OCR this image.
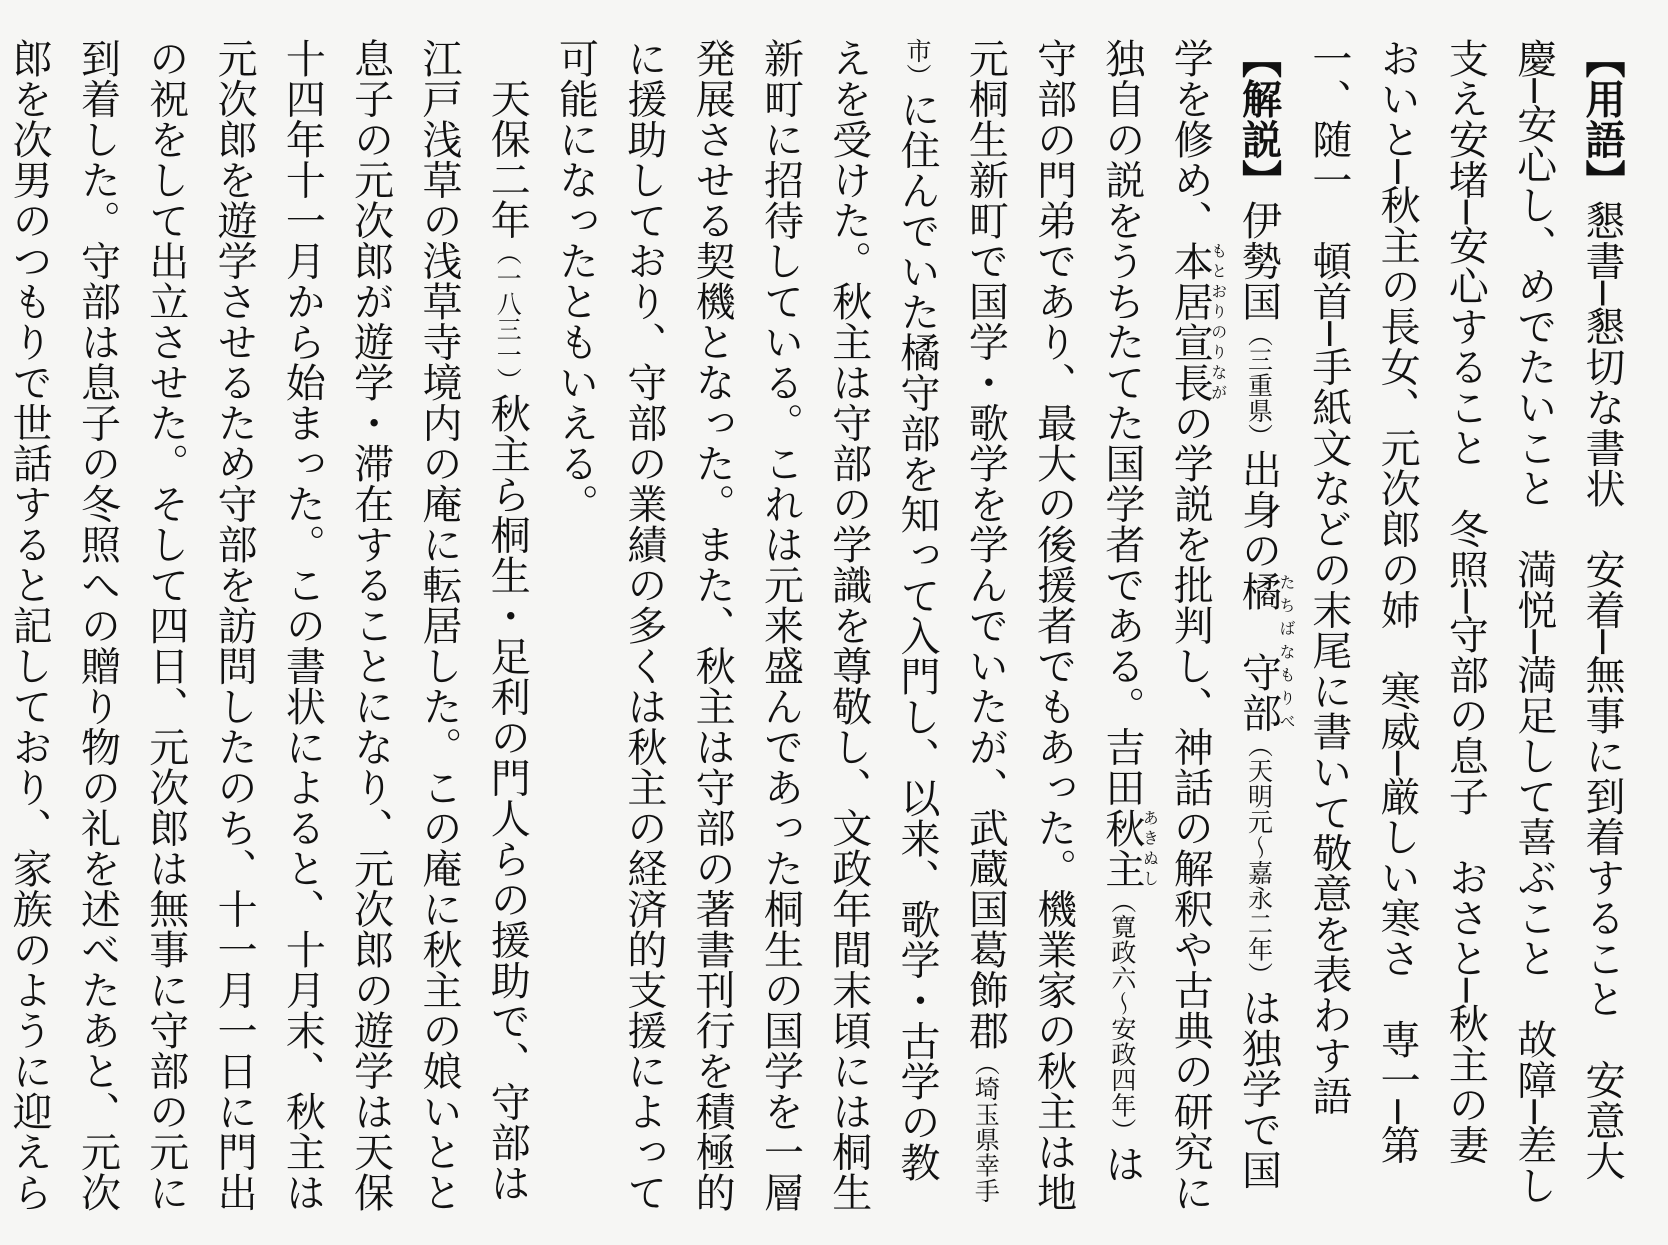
【用語】懇書─懇切な書状　安着─無事に到着すること　安意大慶─安心し、めでたいこと　満悦─満足して喜ぶこと　故障─差し支え安堵─安心すること　冬照─守部の息子　おさと─秋主の妻　おいと─秋主の長女、元次郎の姉　寒威─厳しい寒さ　専一─第一、随一　頓首─手紙文などの末尾に書いて敬意を表わす語
【解説】伊勢国（三重県）出身の橘　守部たちばなもりべ（天明元〜嘉永二年）は独学で国学を修め、本居宣長もとおりのりながの学説を批判し、神話の解釈や古典の研究に独自の説をうちたてた国学者である。吉田秋主あきぬし（寛政六〜安政四年）は守部の門弟であり、最大の後援者でもあった。機業家の秋主は地元桐生新町で国学・歌学を学んでいたが、武蔵国葛飾郡（埼玉県幸手市）に住んでいた橘守部を知って入門し、以来、歌学・古学の教えを受けた。秋主は守部の学識を尊敬し、文政年間末頃には桐生新町に招待している。これは元来盛んであった桐生の国学を一層発展させる契機となった。また、秋主は守部の著書刊行を積極的に援助しており、守部の業績の多くは秋主の経済的支援によって可能になったともいえる。
天保二年（一八三一）秋主ら桐生・足利の門人らの援助で、守部は江戸浅草の浅草寺境内の庵に転居した。この庵に秋主の娘いとと息子の元次郎が遊学・滞在することになり、元次郎の遊学は天保十四年十一月から始まった。この書状によると、十月末、秋主は元次郎を遊学させるため守部を訪問したのち、十一月一日に門出の祝をして出立させた。そして四日、元次郎は無事に守部の元に到着した。守部は息子の冬照への贈り物の礼を述べたあと、元次郎を次男のつもりで世話すると記しており、家族のように迎えら
